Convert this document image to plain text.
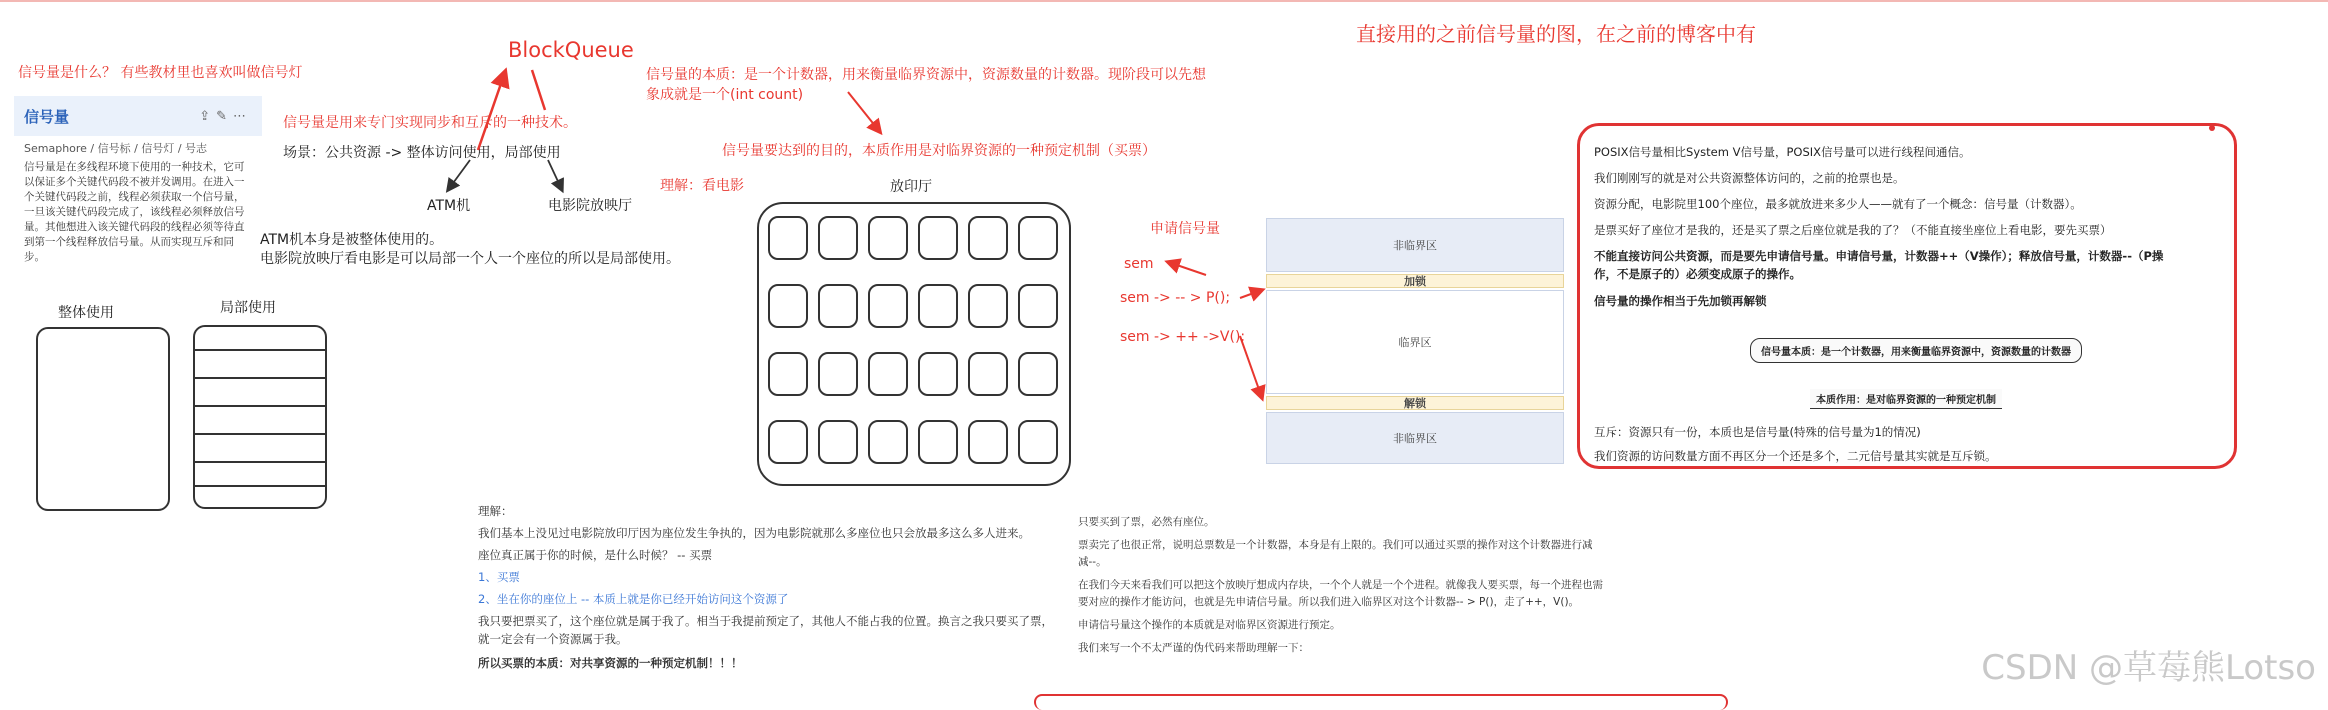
直接用的之前信号量的图，在之前的博客中有
BlockQueue
信号量是什么？ 有些教材里也喜欢叫做信号灯
信号量	⇪✎⋯
Semaphore / 信号标 / 信号灯 / 号志
信号量是在多线程环境下使用的一种技术，它可以保证多个关键代码段不被并发调用。在进入一个关键代码段之前，线程必须获取一个信号量，一旦该关键代码段完成了，该线程必须释放信号量。其他想进入该关键代码段的线程必须等待直到第一个线程释放信号量。从而实现互斥和同步。
信号量是用来专门实现同步和互斥的一种技术。
场景：公共资源 -> 整体访问使用，局部使用
ATM机	电影院放映厅
ATM机本身是被整体使用的。
电影院放映厅看电影是可以局部一个人一个座位的所以是局部使用。
整体使用	局部使用
信号量的本质：是一个计数器，用来衡量临界资源中，资源数量的计数器。现阶段可以先想
象成就是一个(int count)
信号量要达到的目的，本质作用是对临界资源的一种预定机制（买票）
理解：看电影	放印厅
申请信号量
sem
sem -> -- > P();
sem -> ++ ->V();
非临界区
加锁
临界区
解锁
非临界区
POSIX信号量相比System V信号量，POSIX信号量可以进行线程间通信。
我们刚刚写的就是对公共资源整体访问的，之前的抢票也是。
资源分配，电影院里100个座位，最多就放进来多少人——就有了一个概念：信号量（计数器）。
是票买好了座位才是我的，还是买了票之后座位就是我的了？（不能直接坐座位上看电影，要先买票）
不能直接访问公共资源，而是要先申请信号量。申请信号量，计数器++（V操作）；释放信号量，计数器--（P操
作，不是原子的）必须变成原子的操作。
信号量的操作相当于先加锁再解锁
信号量本质：是一个计数器，用来衡量临界资源中，资源数量的计数器
本质作用：是对临界资源的一种预定机制
互斥：资源只有一份，本质也是信号量(特殊的信号量为1的情况)
我们资源的访问数量方面不再区分一个还是多个，二元信号量其实就是互斥锁。
理解：
我们基本上没见过电影院放印厅因为座位发生争执的，因为电影院就那么多座位也只会放最多这么多人进来。
座位真正属于你的时候，是什么时候？ -- 买票
1、买票
2、坐在你的座位上 -- 本质上就是你已经开始访问这个资源了
我只要把票买了，这个座位就是属于我了。相当于我提前预定了，其他人不能占我的位置。换言之我只要买了票，
就一定会有一个资源属于我。
所以买票的本质：对共享资源的一种预定机制！！！
只要买到了票，必然有座位。
票卖完了也很正常，说明总票数是一个计数器，本身是有上限的。我们可以通过买票的操作对这个计数器进行减
减--。
在我们今天来看我们可以把这个放映厅想成内存块，一个个人就是一个个进程。就像我人要买票，每一个进程也需
要对应的操作才能访问，也就是先申请信号量。所以我们进入临界区对这个计数器-- > P()，走了++，V()。
申请信号量这个操作的本质就是对临界区资源进行预定。
我们来写一个不太严谨的伪代码来帮助理解一下：	CSDN @草莓熊Lotso
